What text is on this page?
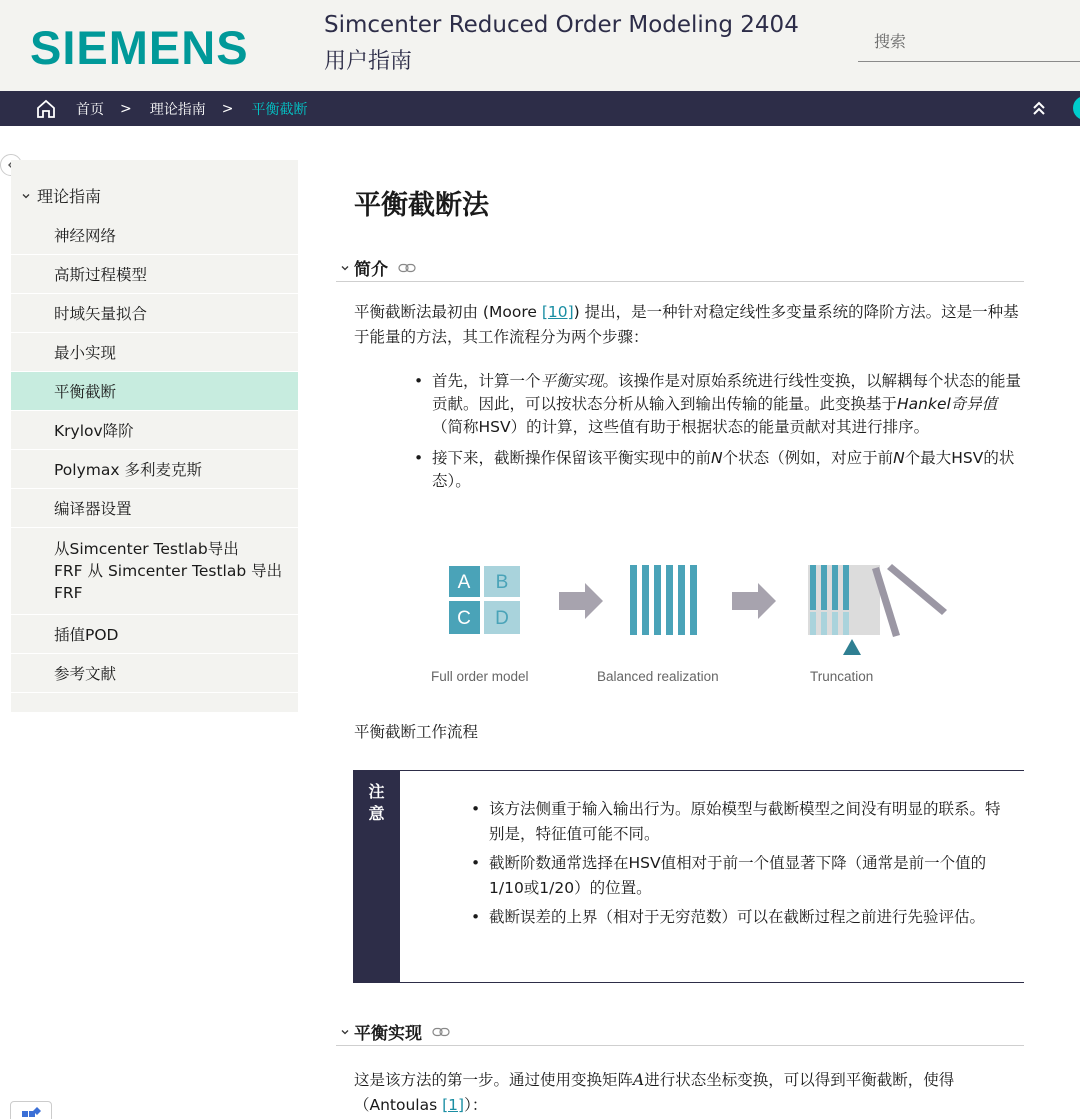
SIEMENS	Simcenter Reduced Order Modeling 2404
用户指南
搜索
首页 > 理论指南 > 平衡截断
理论指南
神经网络
高斯过程模型
时域矢量拟合
最小实现
平衡截断
Krylov降阶
Polymax 多利麦克斯
编译器设置
从Simcenter Testlab导出
FRF 从 Simcenter Testlab 导出
FRF
插值POD
参考文献
平衡截断法
简介

平衡截断法最初由 (Moore [10]) 提出，是一种针对稳定线性多变量系统的降阶方法。这是一种基于能量的方法，其工作流程分为两个步骤：

• 首先，计算一个平衡实现。该操作是对原始系统进行线性变换，以解耦每个状态的能量贡献。因此，可以按状态分析从输入到输出传输的能量。此变换基于Hankel奇异值（简称HSV）的计算，这些值有助于根据状态的能量贡献对其进行排序。
• 接下来，截断操作保留该平衡实现中的前N个状态（例如，对应于前N个最大HSV的状态）。
A B
C D
Full order model	Balanced realization	Truncation

平衡截断工作流程

注意	• 该方法侧重于输入输出行为。原始模型与截断模型之间没有明显的联系。特别是，特征值可能不同。
• 截断阶数通常选择在HSV值相对于前一个值显著下降（通常是前一个值的1/10或1/20）的位置。
• 截断误差的上界（相对于无穷范数）可以在截断过程之前进行先验评估。
平衡实现

这是该方法的第一步。通过使用变换矩阵A进行状态坐标变换，可以得到平衡截断，使得（Antoulas [1]）：
